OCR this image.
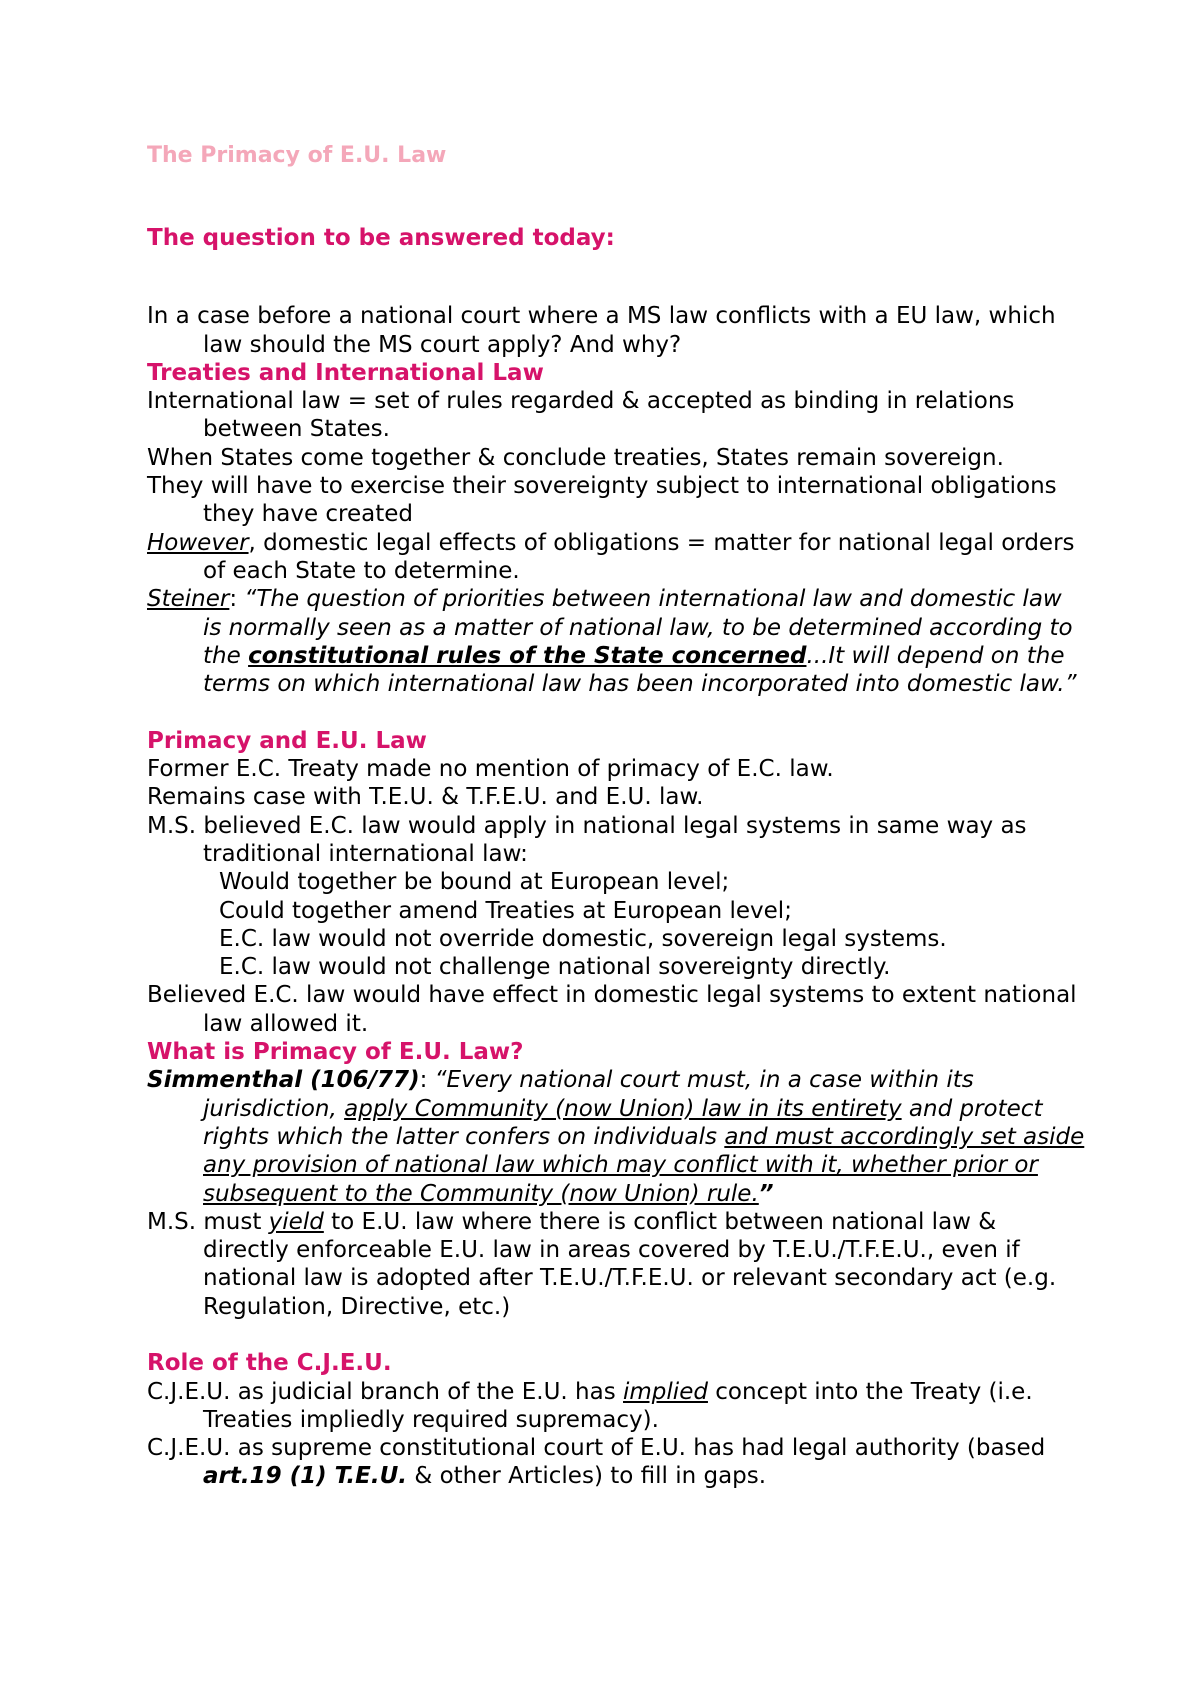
The Primacy of E.U. Law

The question to be answered today:

In a case before a national court where a MS law conflicts with a EU law, which law should the MS court apply? And why?

Treaties and International Law

International law = set of rules regarded & accepted as binding in relations between States.

When States come together & conclude treaties, States remain sovereign.

They will have to exercise their sovereignty subject to international obligations they have created

However, domestic legal effects of obligations = matter for national legal orders of each State to determine.

Steiner: “The question of priorities between international law and domestic law is normally seen as a matter of national law, to be determined according to the constitutional rules of the State concerned...It will depend on the terms on which international law has been incorporated into domestic law.”

Primacy and E.U. Law

Former E.C. Treaty made no mention of primacy of E.C. law.

Remains case with T.E.U. & T.F.E.U. and E.U. law.

M.S. believed E.C. law would apply in national legal systems in same way as traditional international law:

Would together be bound at European level;

Could together amend Treaties at European level;

E.C. law would not override domestic, sovereign legal systems.

E.C. law would not challenge national sovereignty directly.

Believed E.C. law would have effect in domestic legal systems to extent national law allowed it.

What is Primacy of E.U. Law?

Simmenthal (106/77): “Every national court must, in a case within its jurisdiction, apply Community (now Union) law in its entirety and protect rights which the latter confers on individuals and must accordingly set aside any provision of national law which may conflict with it, whether prior or subsequent to the Community (now Union) rule.”

M.S. must yield to E.U. law where there is conflict between national law & directly enforceable E.U. law in areas covered by T.E.U./T.F.E.U., even if national law is adopted after T.E.U./T.F.E.U. or relevant secondary act (e.g. Regulation, Directive, etc.)

Role of the C.J.E.U.

C.J.E.U. as judicial branch of the E.U. has implied concept into the Treaty (i.e. Treaties impliedly required supremacy).

C.J.E.U. as supreme constitutional court of E.U. has had legal authority (based art.19 (1) T.E.U. & other Articles) to fill in gaps.
